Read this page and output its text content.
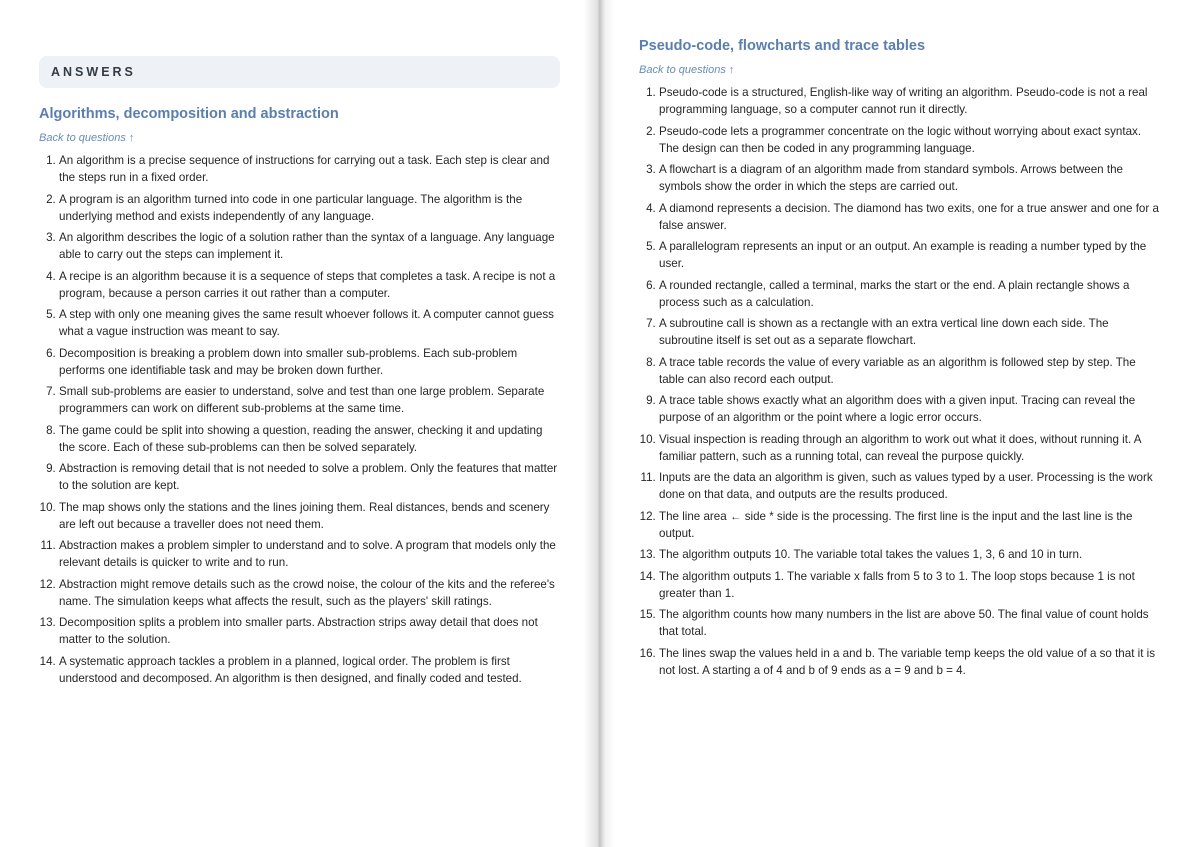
ANSWERS
Algorithms, decomposition and abstraction
Back to questions ↑
1. An algorithm is a precise sequence of instructions for carrying out a task. Each step is clear and the steps run in a fixed order.
2. A program is an algorithm turned into code in one particular language. The algorithm is the underlying method and exists independently of any language.
3. An algorithm describes the logic of a solution rather than the syntax of a language. Any language able to carry out the steps can implement it.
4. A recipe is an algorithm because it is a sequence of steps that completes a task. A recipe is not a program, because a person carries it out rather than a computer.
5. A step with only one meaning gives the same result whoever follows it. A computer cannot guess what a vague instruction was meant to say.
6. Decomposition is breaking a problem down into smaller sub-problems. Each sub-problem performs one identifiable task and may be broken down further.
7. Small sub-problems are easier to understand, solve and test than one large problem. Separate programmers can work on different sub-problems at the same time.
8. The game could be split into showing a question, reading the answer, checking it and updating the score. Each of these sub-problems can then be solved separately.
9. Abstraction is removing detail that is not needed to solve a problem. Only the features that matter to the solution are kept.
10. The map shows only the stations and the lines joining them. Real distances, bends and scenery are left out because a traveller does not need them.
11. Abstraction makes a problem simpler to understand and to solve. A program that models only the relevant details is quicker to write and to run.
12. Abstraction might remove details such as the crowd noise, the colour of the kits and the referee's name. The simulation keeps what affects the result, such as the players' skill ratings.
13. Decomposition splits a problem into smaller parts. Abstraction strips away detail that does not matter to the solution.
14. A systematic approach tackles a problem in a planned, logical order. The problem is first understood and decomposed. An algorithm is then designed, and finally coded and tested.
Pseudo-code, flowcharts and trace tables
Back to questions ↑
1. Pseudo-code is a structured, English-like way of writing an algorithm. Pseudo-code is not a real programming language, so a computer cannot run it directly.
2. Pseudo-code lets a programmer concentrate on the logic without worrying about exact syntax. The design can then be coded in any programming language.
3. A flowchart is a diagram of an algorithm made from standard symbols. Arrows between the symbols show the order in which the steps are carried out.
4. A diamond represents a decision. The diamond has two exits, one for a true answer and one for a false answer.
5. A parallelogram represents an input or an output. An example is reading a number typed by the user.
6. A rounded rectangle, called a terminal, marks the start or the end. A plain rectangle shows a process such as a calculation.
7. A subroutine call is shown as a rectangle with an extra vertical line down each side. The subroutine itself is set out as a separate flowchart.
8. A trace table records the value of every variable as an algorithm is followed step by step. The table can also record each output.
9. A trace table shows exactly what an algorithm does with a given input. Tracing can reveal the purpose of an algorithm or the point where a logic error occurs.
10. Visual inspection is reading through an algorithm to work out what it does, without running it. A familiar pattern, such as a running total, can reveal the purpose quickly.
11. Inputs are the data an algorithm is given, such as values typed by a user. Processing is the work done on that data, and outputs are the results produced.
12. The line area ← side * side is the processing. The first line is the input and the last line is the output.
13. The algorithm outputs 10. The variable total takes the values 1, 3, 6 and 10 in turn.
14. The algorithm outputs 1. The variable x falls from 5 to 3 to 1. The loop stops because 1 is not greater than 1.
15. The algorithm counts how many numbers in the list are above 50. The final value of count holds that total.
16. The lines swap the values held in a and b. The variable temp keeps the old value of a so that it is not lost. A starting a of 4 and b of 9 ends as a = 9 and b = 4.
